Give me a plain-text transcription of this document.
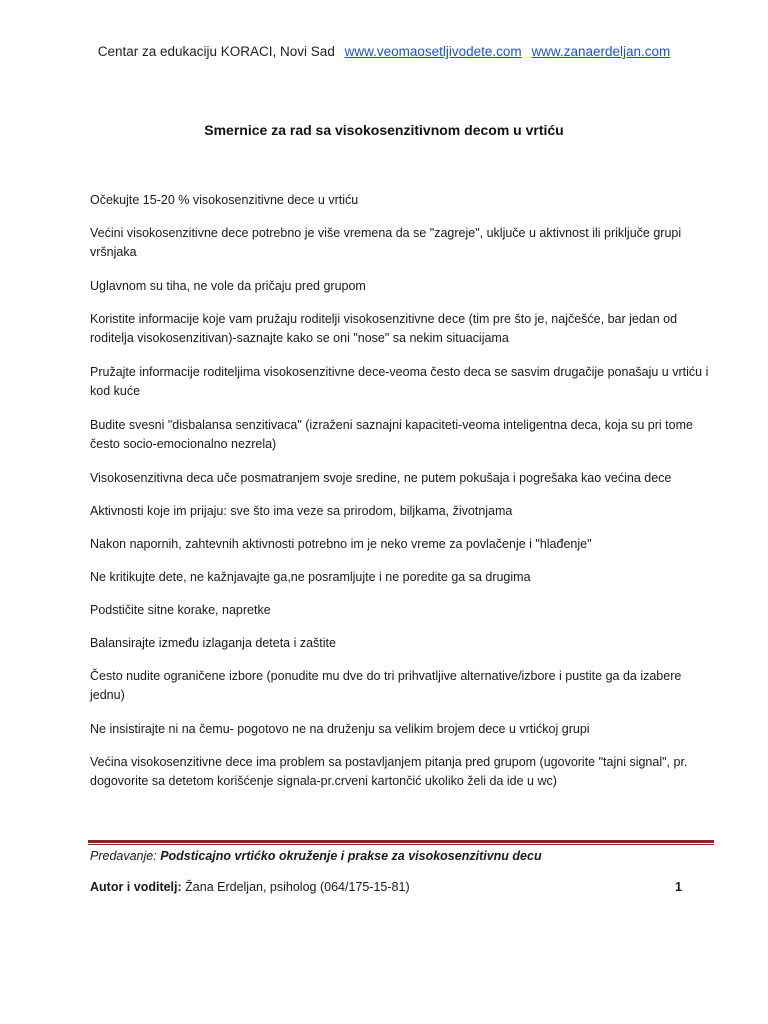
Centar za edukaciju KORACI, Novi Sad www.veomaosetljivodete.com www.zanaerdeljan.com
Smernice za rad sa visokosenzitivnom decom u vrtiću

Očekujte 15-20 % visokosenzitivne dece u vrtiću

Većini visokosenzitivne dece potrebno je više vremena da se "zagreje", uključe u aktivnost ili priključe grupi vršnjaka

Uglavnom su tiha, ne vole da pričaju pred grupom

Koristite informacije koje vam pružaju roditelji visokosenzitivne dece (tim pre što je, najčešće, bar jedan od roditelja visokosenzitivan)-saznajte kako se oni "nose" sa nekim situacijama

Pružajte informacije roditeljima visokosenzitivne dece-veoma često deca se sasvim drugačije ponašaju u vrtiću i kod kuće

Budite svesni "disbalansa senzitivaca" (izraženi saznajni kapaciteti-veoma inteligentna deca, koja su pri tome često socio-emocionalno nezrela)

Visokosenzitivna deca uče posmatranjem svoje sredine, ne putem pokušaja i pogrešaka kao većina dece

Aktivnosti koje im prijaju: sve što ima veze sa prirodom, biljkama, životnjama

Nakon napornih, zahtevnih aktivnosti potrebno im je neko vreme za povlačenje i "hlađenje"

Ne kritikujte dete, ne kažnjavajte ga,ne posramljujte i ne poredite ga sa drugima

Podstičite sitne korake, napretke

Balansirajte između izlaganja deteta i zaštite

Često nudite ograničene izbore (ponudite mu dve do tri prihvatljive alternative/izbore i pustite ga da izabere jednu)

Ne insistirajte ni na čemu- pogotovo ne na druženju sa velikim brojem dece u vrtićkoj grupi

Većina visokosenzitivne dece ima problem sa postavljanjem pitanja pred grupom (ugovorite "tajni signal", pr. dogovorite sa detetom korišćenje signala-pr.crveni kartončić ukoliko želi da ide u wc)

Predavanje: Podsticajno vrtićko okruženje i prakse za visokosenzitivnu decu
Autor i voditelj: Žana Erdeljan, psiholog (064/175-15-81)	1
